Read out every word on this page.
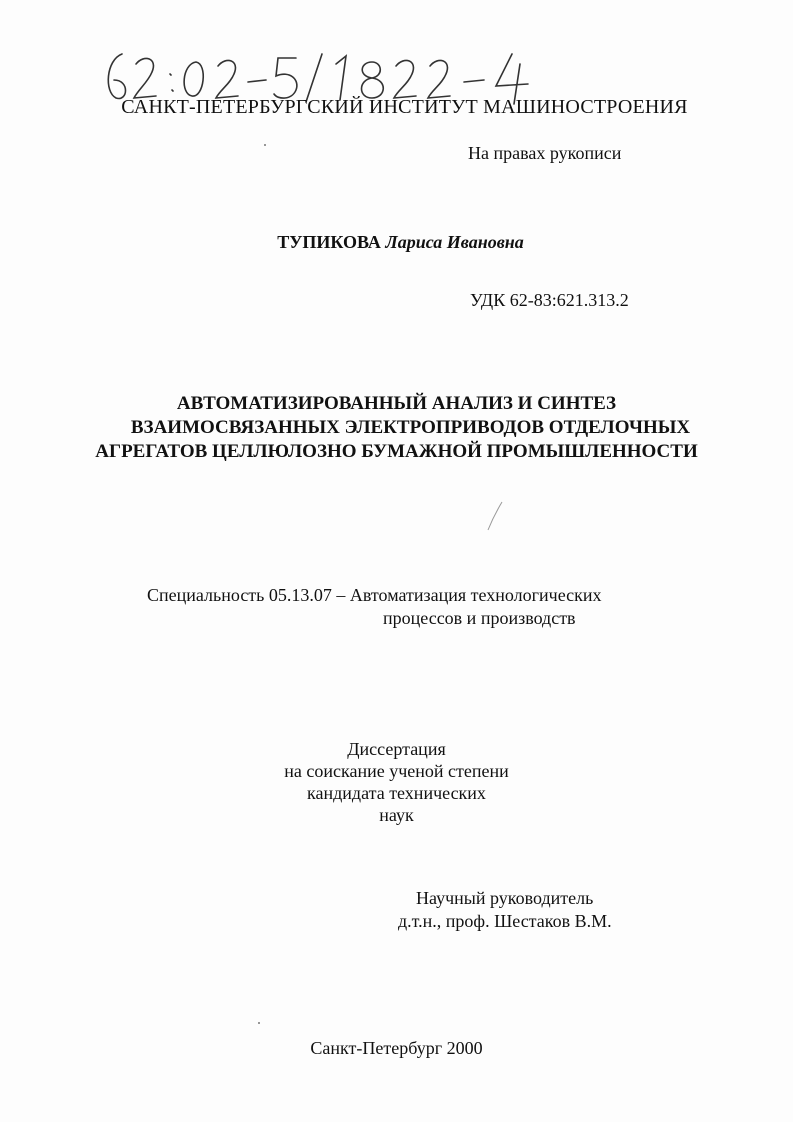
САНКТ-ПЕТЕРБУРГСКИЙ ИНСТИТУТ МАШИНОСТРОЕНИЯ
На правах рукописи
ТУПИКОВА Лариса Ивановна
УДК 62-83:621.313.2
АВТОМАТИЗИРОВАННЫЙ АНАЛИЗ И СИНТЕЗ
ВЗАИМОСВЯЗАННЫХ ЭЛЕКТРОПРИВОДОВ ОТДЕЛОЧНЫХ
АГРЕГАТОВ ЦЕЛЛЮЛОЗНО БУМАЖНОЙ ПРОМЫШЛЕННОСТИ
Специальность 05.13.07 – Автоматизация технологических
процессов и производств
Диссертация
на соискание ученой степени
кандидата технических
наук
Научный руководитель
д.т.н., проф. Шестаков В.М.
Санкт-Петербург 2000
